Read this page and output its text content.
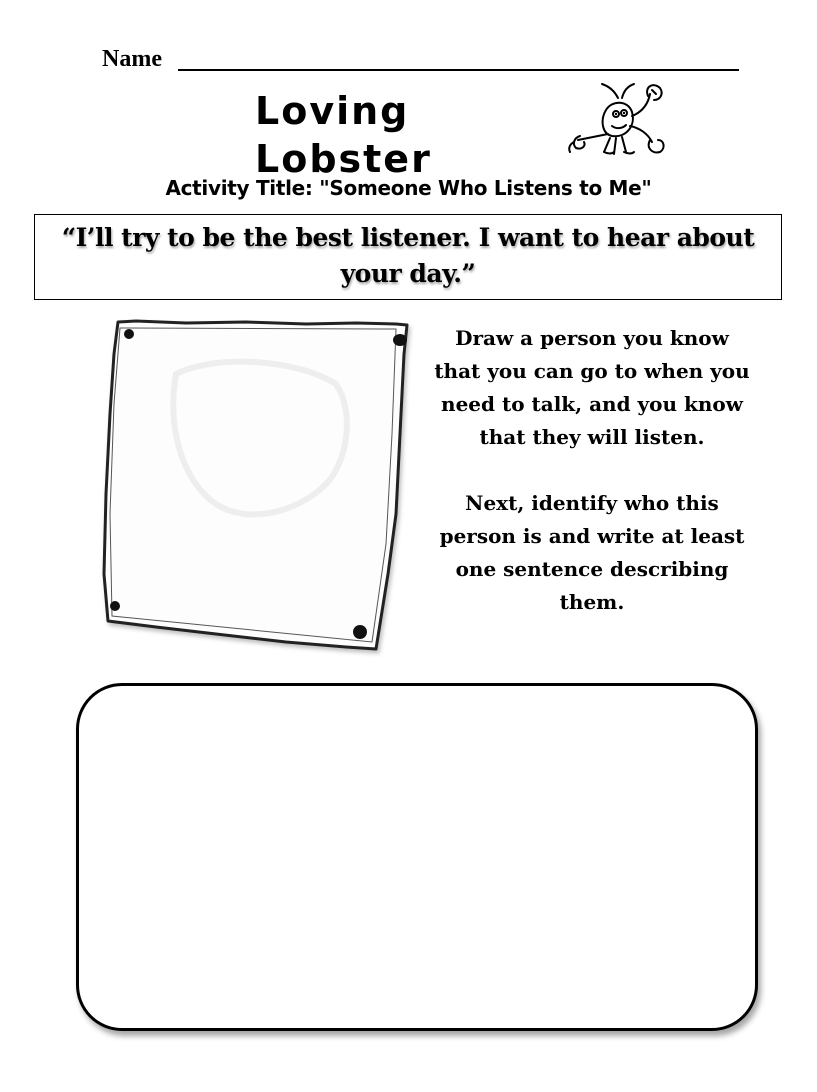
Name
Loving Lobster
Activity Title: "Someone Who Listens to Me"
“I’ll try to be the best listener. I want to hear about your day.”

Draw a person you know that you can go to when you need to talk, and you know that they will listen.

Next, identify who this person is and write at least one sentence describing them.
